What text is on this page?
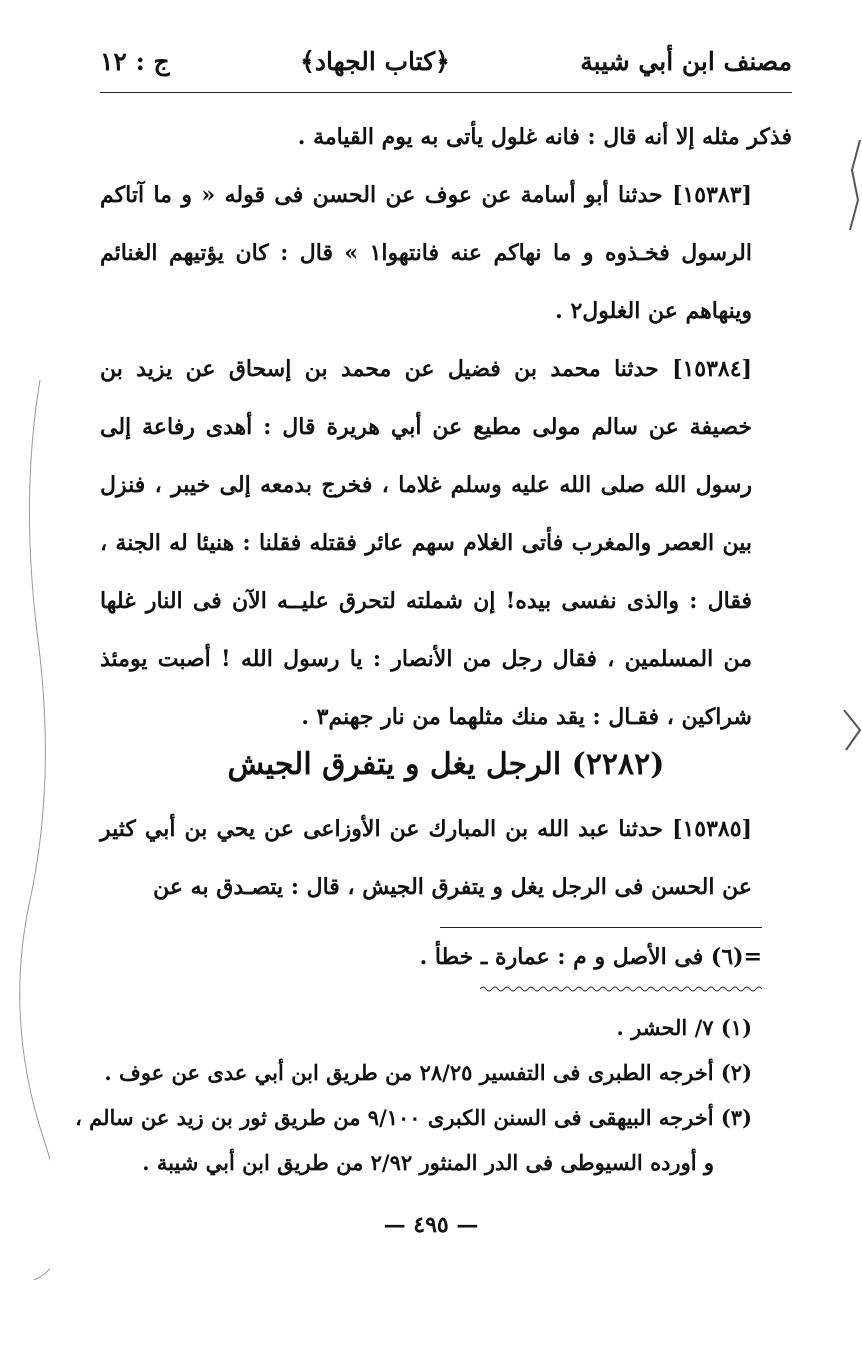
مصنف ابن أبي شيبة
﴿كتاب الجهاد﴾
ج : ١٢

فذكر مثله إلا أنه قال : فانه غلول يأتى به يوم القيامة .

[١٥٣٨٣] حدثنا أبو أسامة عن عوف عن الحسن فى قوله « و ما آتاكم الرسول فخـذوه و ما نهاكم عنه فانتهوا١ » قال : كان يؤتيهم الغنائم وينهاهم عن الغلول٢ .

[١٥٣٨٤] حدثنا محمد بن فضيل عن محمد بن إسحاق عن يزيد بن خصيفة عن سالم مولى مطيع عن أبي هريرة قال : أهدى رفاعة إلى رسول الله صلى الله عليه وسلم غلاما ، فخرج بدمعه إلى خيبر ، فنزل بين العصر والمغرب فأتى الغلام سهم عائر فقتله فقلنا : هنيئا له الجنة ، فقال : والذى نفسى بيده! إن شملته لتحرق عليــه الآن فى النار غلها من المسلمين ، فقال رجل من الأنصار : يا رسول الله ! أصبت يومئذ شراكين ، فقـال : يقد منك مثلهما من نار جهنم٣ .

(٢٢٨٢) الرجل يغل و يتفرق الجيش

[١٥٣٨٥] حدثنا عبد الله بن المبارك عن الأوزاعى عن يحي بن أبي كثير عن الحسن فى الرجل يغل و يتفرق الجيش ، قال : يتصـدق به عن

=(٦) فى الأصل و م : عمارة ـ خطأ .
(١) ٧/ الحشر .
(٢) أخرجه الطبرى فى التفسير ٢٨/٢٥ من طريق ابن أبي عدى عن عوف .
(٣) أخرجه البيهقى فى السنن الكبرى ٩/١٠٠ من طريق ثور بن زيد عن سالم ،
و أورده السيوطى فى الدر المنثور ٢/٩٢ من طريق ابن أبي شيبة .
— ٤٩٥ —
